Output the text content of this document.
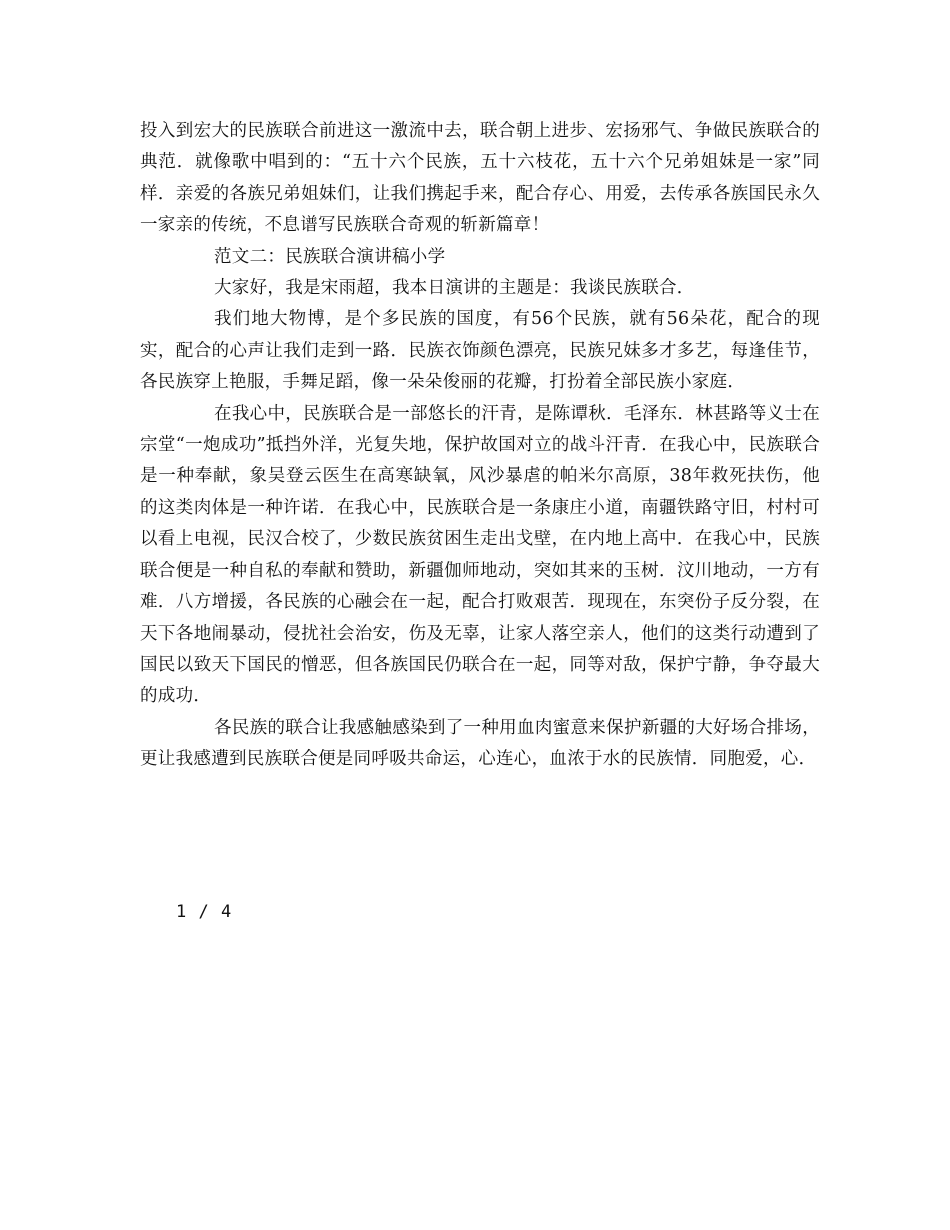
投入到宏大的民族联合前进这一激流中去，联合朝上进步、宏扬邪气、争做民族联合的典范．就像歌中唱到的：“五十六个民族，五十六枝花，五十六个兄弟姐妹是一家”同样．亲爱的各族兄弟姐妹们，让我们携起手来，配合存心、用爱，去传承各族国民永久一家亲的传统，不息谱写民族联合奇观的斩新篇章！

范文二：民族联合演讲稿小学

大家好，我是宋雨超，我本日演讲的主题是：我谈民族联合．

我们地大物博，是个多民族的国度，有56个民族，就有56朵花，配合的现实，配合的心声让我们走到一路．民族衣饰颜色漂亮，民族兄妹多才多艺，每逢佳节，各民族穿上艳服，手舞足蹈，像一朵朵俊丽的花瓣，打扮着全部民族小家庭．

在我心中，民族联合是一部悠长的汗青，是陈谭秋．毛泽东．林甚路等义士在宗堂“一炮成功”抵挡外洋，光复失地，保护故国对立的战斗汗青．在我心中，民族联合是一种奉献，象吴登云医生在高寒缺氧，风沙暴虐的帕米尔高原，38年救死扶伤，他的这类肉体是一种许诺．在我心中，民族联合是一条康庄小道，南疆铁路守旧，村村可以看上电视，民汉合校了，少数民族贫困生走出戈壁，在内地上高中．在我心中，民族联合便是一种自私的奉献和赞助，新疆伽师地动，突如其来的玉树．汶川地动，一方有难．八方增援，各民族的心融会在一起，配合打败艰苦．现现在，东突份子反分裂，在天下各地闹暴动，侵扰社会治安，伤及无辜，让家人落空亲人，他们的这类行动遭到了国民以致天下国民的憎恶，但各族国民仍联合在一起，同等对敌，保护宁静，争夺最大的成功．

各民族的联合让我感触感染到了一种用血肉蜜意来保护新疆的大好场合排场，更让我感遭到民族联合便是同呼吸共命运，心连心，血浓于水的民族情．同胞爱，心．

1 / 4
